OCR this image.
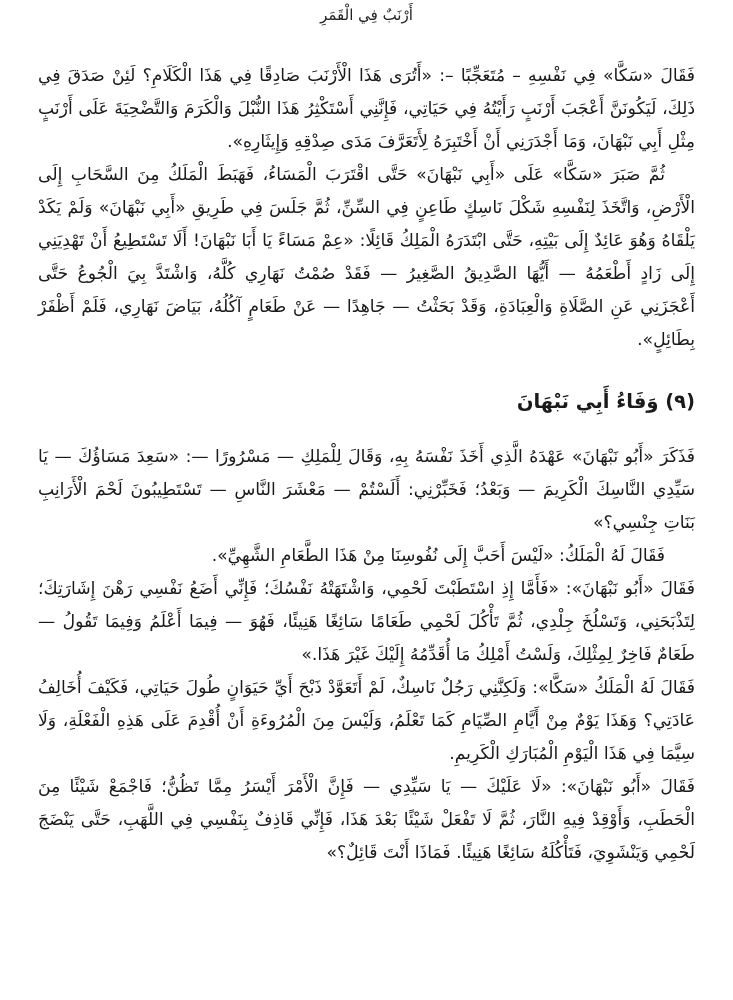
أَرْنَبٌ فِي الْقَمَرِ

فَقَالَ «سَكَّا» فِي نَفْسِهِ – مُتَعَجِّبًا –: «أَتُرَى هَذَا الْأَرْنَبَ صَادِقًا فِي هَذَا الْكَلَامِ؟ لَئِنْ صَدَقَ فِي ذَلِكَ، لَيَكُونَنَّ أَعْجَبَ أَرْنَبٍ رَأَيْتُهُ فِي حَيَاتِي، فَإِنَّنِي أَسْتَكْثِرُ هَذَا النُّبْلَ وَالْكَرَمَ وَالتَّضْحِيَةَ عَلَى أَرْنَبٍ مِثْلِ أَبِي نَبْهَانَ، وَمَا أَجْدَرَنِي أَنْ أَخْتَبِرَهُ لِأَتَعَرَّفَ مَدَى صِدْقِهِ وَإِيثَارِهِ».

ثُمَّ صَبَرَ «سَكَّا» عَلَى «أَبِي نَبْهَانَ» حَتَّى اقْتَرَبَ الْمَسَاءُ، فَهَبَطَ الْمَلَكُ مِنَ السَّحَابِ إِلَى الْأَرْضِ، وَاتَّخَذَ لِنَفْسِهِ شَكْلَ نَاسِكٍ طَاعِنٍ فِي السِّنِّ، ثُمَّ جَلَسَ فِي طَرِيقِ «أَبِي نَبْهَانَ» وَلَمْ يَكَدْ يَلْقَاهُ وَهُوَ عَائِدٌ إِلَى بَيْتِهِ، حَتَّى ابْتَدَرَهُ الْمَلِكُ قَائِلًا: «عِمْ مَسَاءً يَا أَبَا نَبْهَانَ! أَلَا تَسْتَطِيعُ أَنْ تَهْدِيَنِي إِلَى زَادٍ أَطْعَمُهُ — أَيُّهَا الصَّدِيقُ الصَّغِيرُ — فَقَدْ صُمْتُ نَهَارِي كُلَّهُ، وَاشْتَدَّ بِيَ الْجُوعُ حَتَّى أَعْجَزَنِي عَنِ الصَّلَاةِ وَالْعِبَادَةِ، وَقَدْ بَحَثْتُ — جَاهِدًا — عَنْ طَعَامٍ آكُلُهُ، بَيَاضَ نَهَارِي، فَلَمْ أَظْفَرْ بِطَائِلٍ».

(٩) وَفَاءُ أَبِي نَبْهَانَ

فَذَكَرَ «أَبُو نَبْهَانَ» عَهْدَهُ الَّذِي أَخَذَ نَفْسَهُ بِهِ، وَقَالَ لِلْمَلِكِ — مَسْرُورًا —: «سَعِدَ مَسَاؤُكَ — يَا سَيِّدِي النَّاسِكَ الْكَرِيمَ — وَبَعْدُ؛ فَخَبِّرْنِي: أَلَسْتُمْ — مَعْشَرَ النَّاسِ — تَسْتَطِيبُونَ لَحْمَ الْأَرَانِبِ بَنَاتِ جِنْسِي؟»

فَقَالَ لَهُ الْمَلَكُ: «لَيْسَ أَحَبَّ إِلَى نُفُوسِنَا مِنْ هَذَا الطَّعَامِ الشَّهِيِّ».

فَقَالَ «أَبُو نَبْهَانَ»: «فَأَمَّا إِذِ اسْتَطَبْتَ لَحْمِي، وَاشْتَهَتْهُ نَفْسُكَ؛ فَإِنِّي أَضَعُ نَفْسِي رَهْنَ إِشَارَتِكَ؛ لِتَذْبَحَنِي، وَتَسْلُخَ جِلْدِي، ثُمَّ تَأْكُلَ لَحْمِي طَعَامًا سَائِغًا هَنِيئًا، فَهُوَ — فِيمَا أَعْلَمُ وَفِيمَا تَقُولُ — طَعَامٌ فَاخِرٌ لِمِثْلِكَ، وَلَسْتُ أَمْلِكُ مَا أُقَدِّمُهُ إِلَيْكَ غَيْرَ هَذَا.»

فَقَالَ لَهُ الْمَلَكُ «سَكَّا»: وَلَكِنَّنِي رَجُلٌ نَاسِكٌ، لَمْ أَتَعَوَّدْ ذَبْحَ أَيِّ حَيَوَانٍ طُولَ حَيَاتِي، فَكَيْفَ أُخَالِفُ عَادَتِي؟ وَهَذَا يَوْمٌ مِنْ أَيَّامِ الصِّيَامِ كَمَا تَعْلَمُ، وَلَيْسَ مِنَ الْمُرُوءَةِ أَنْ أُقْدِمَ عَلَى هَذِهِ الْفَعْلَةِ، وَلَا سِيَّمَا فِي هَذَا الْيَوْمِ الْمُبَارَكِ الْكَرِيمِ.

فَقَالَ «أَبُو نَبْهَانَ»: «لَا عَلَيْكَ — يَا سَيِّدِي — فَإِنَّ الْأَمْرَ أَيْسَرُ مِمَّا تَظُنُّ؛ فَاجْمَعْ شَيْئًا مِنَ الْحَطَبِ، وَأَوْقِدْ فِيهِ النَّارَ، ثُمَّ لَا تَفْعَلْ شَيْئًا بَعْدَ هَذَا، فَإِنِّي قَاذِفٌ بِنَفْسِي فِي اللَّهَبِ، حَتَّى يَنْضَجَ لَحْمِي وَيَنْشَوِيَ، فَتَأْكُلَهُ سَائِغًا هَنِيئًا. فَمَاذَا أَنْتَ قَائِلٌ؟»
